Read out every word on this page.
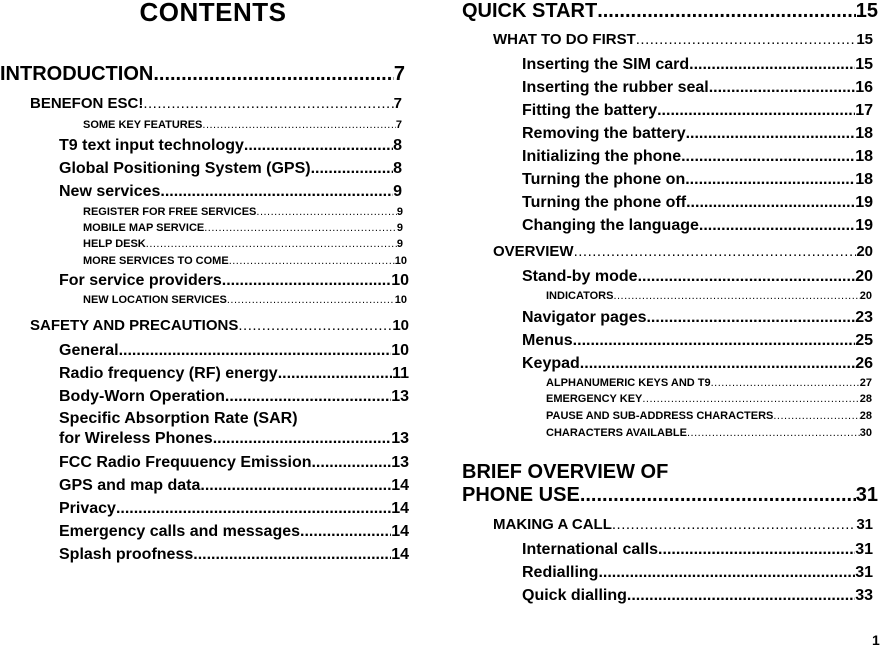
CONTENTS
INTRODUCTION .....	7
BENEFON ESC! .....	7
SOME KEY FEATURES .....	7
T9 text input technology .....	8
Global Positioning System (GPS) .....	8
New services .....	9
REGISTER FOR FREE SERVICES .....	9
MOBILE MAP SERVICE .....	9
HELP DESK .....	9
MORE SERVICES TO COME .....	10
For service providers .....	10
NEW LOCATION SERVICES .....	10
SAFETY AND PRECAUTIONS .....	10
General .....	10
Radio frequency (RF) energy .....	11
Body-Worn Operation .....	13
Specific Absorption Rate (SAR)
for Wireless Phones .....	13
FCC Radio Frequuency Emission .....	13
GPS and map data .....	14
Privacy .....	14
Emergency calls and messages .....	14
Splash proofness .....	14
QUICK START .....	15
WHAT TO DO FIRST .....	15
Inserting the SIM card .....	15
Inserting the rubber seal .....	16
Fitting the battery .....	17
Removing the battery .....	18
Initializing the phone .....	18
Turning the phone on .....	18
Turning the phone off .....	19
Changing the language .....	19
OVERVIEW .....	20
Stand-by mode .....	20
INDICATORS .....	20
Navigator pages .....	23
Menus .....	25
Keypad .....	26
ALPHANUMERIC KEYS AND T9 .....	27
EMERGENCY KEY .....	28
PAUSE AND SUB-ADDRESS CHARACTERS .....	28
CHARACTERS AVAILABLE .....	30
BRIEF OVERVIEW OF
PHONE USE .....	31
MAKING A CALL .....	31
International calls .....	31
Redialling .....	31
Quick dialling .....	33
1
